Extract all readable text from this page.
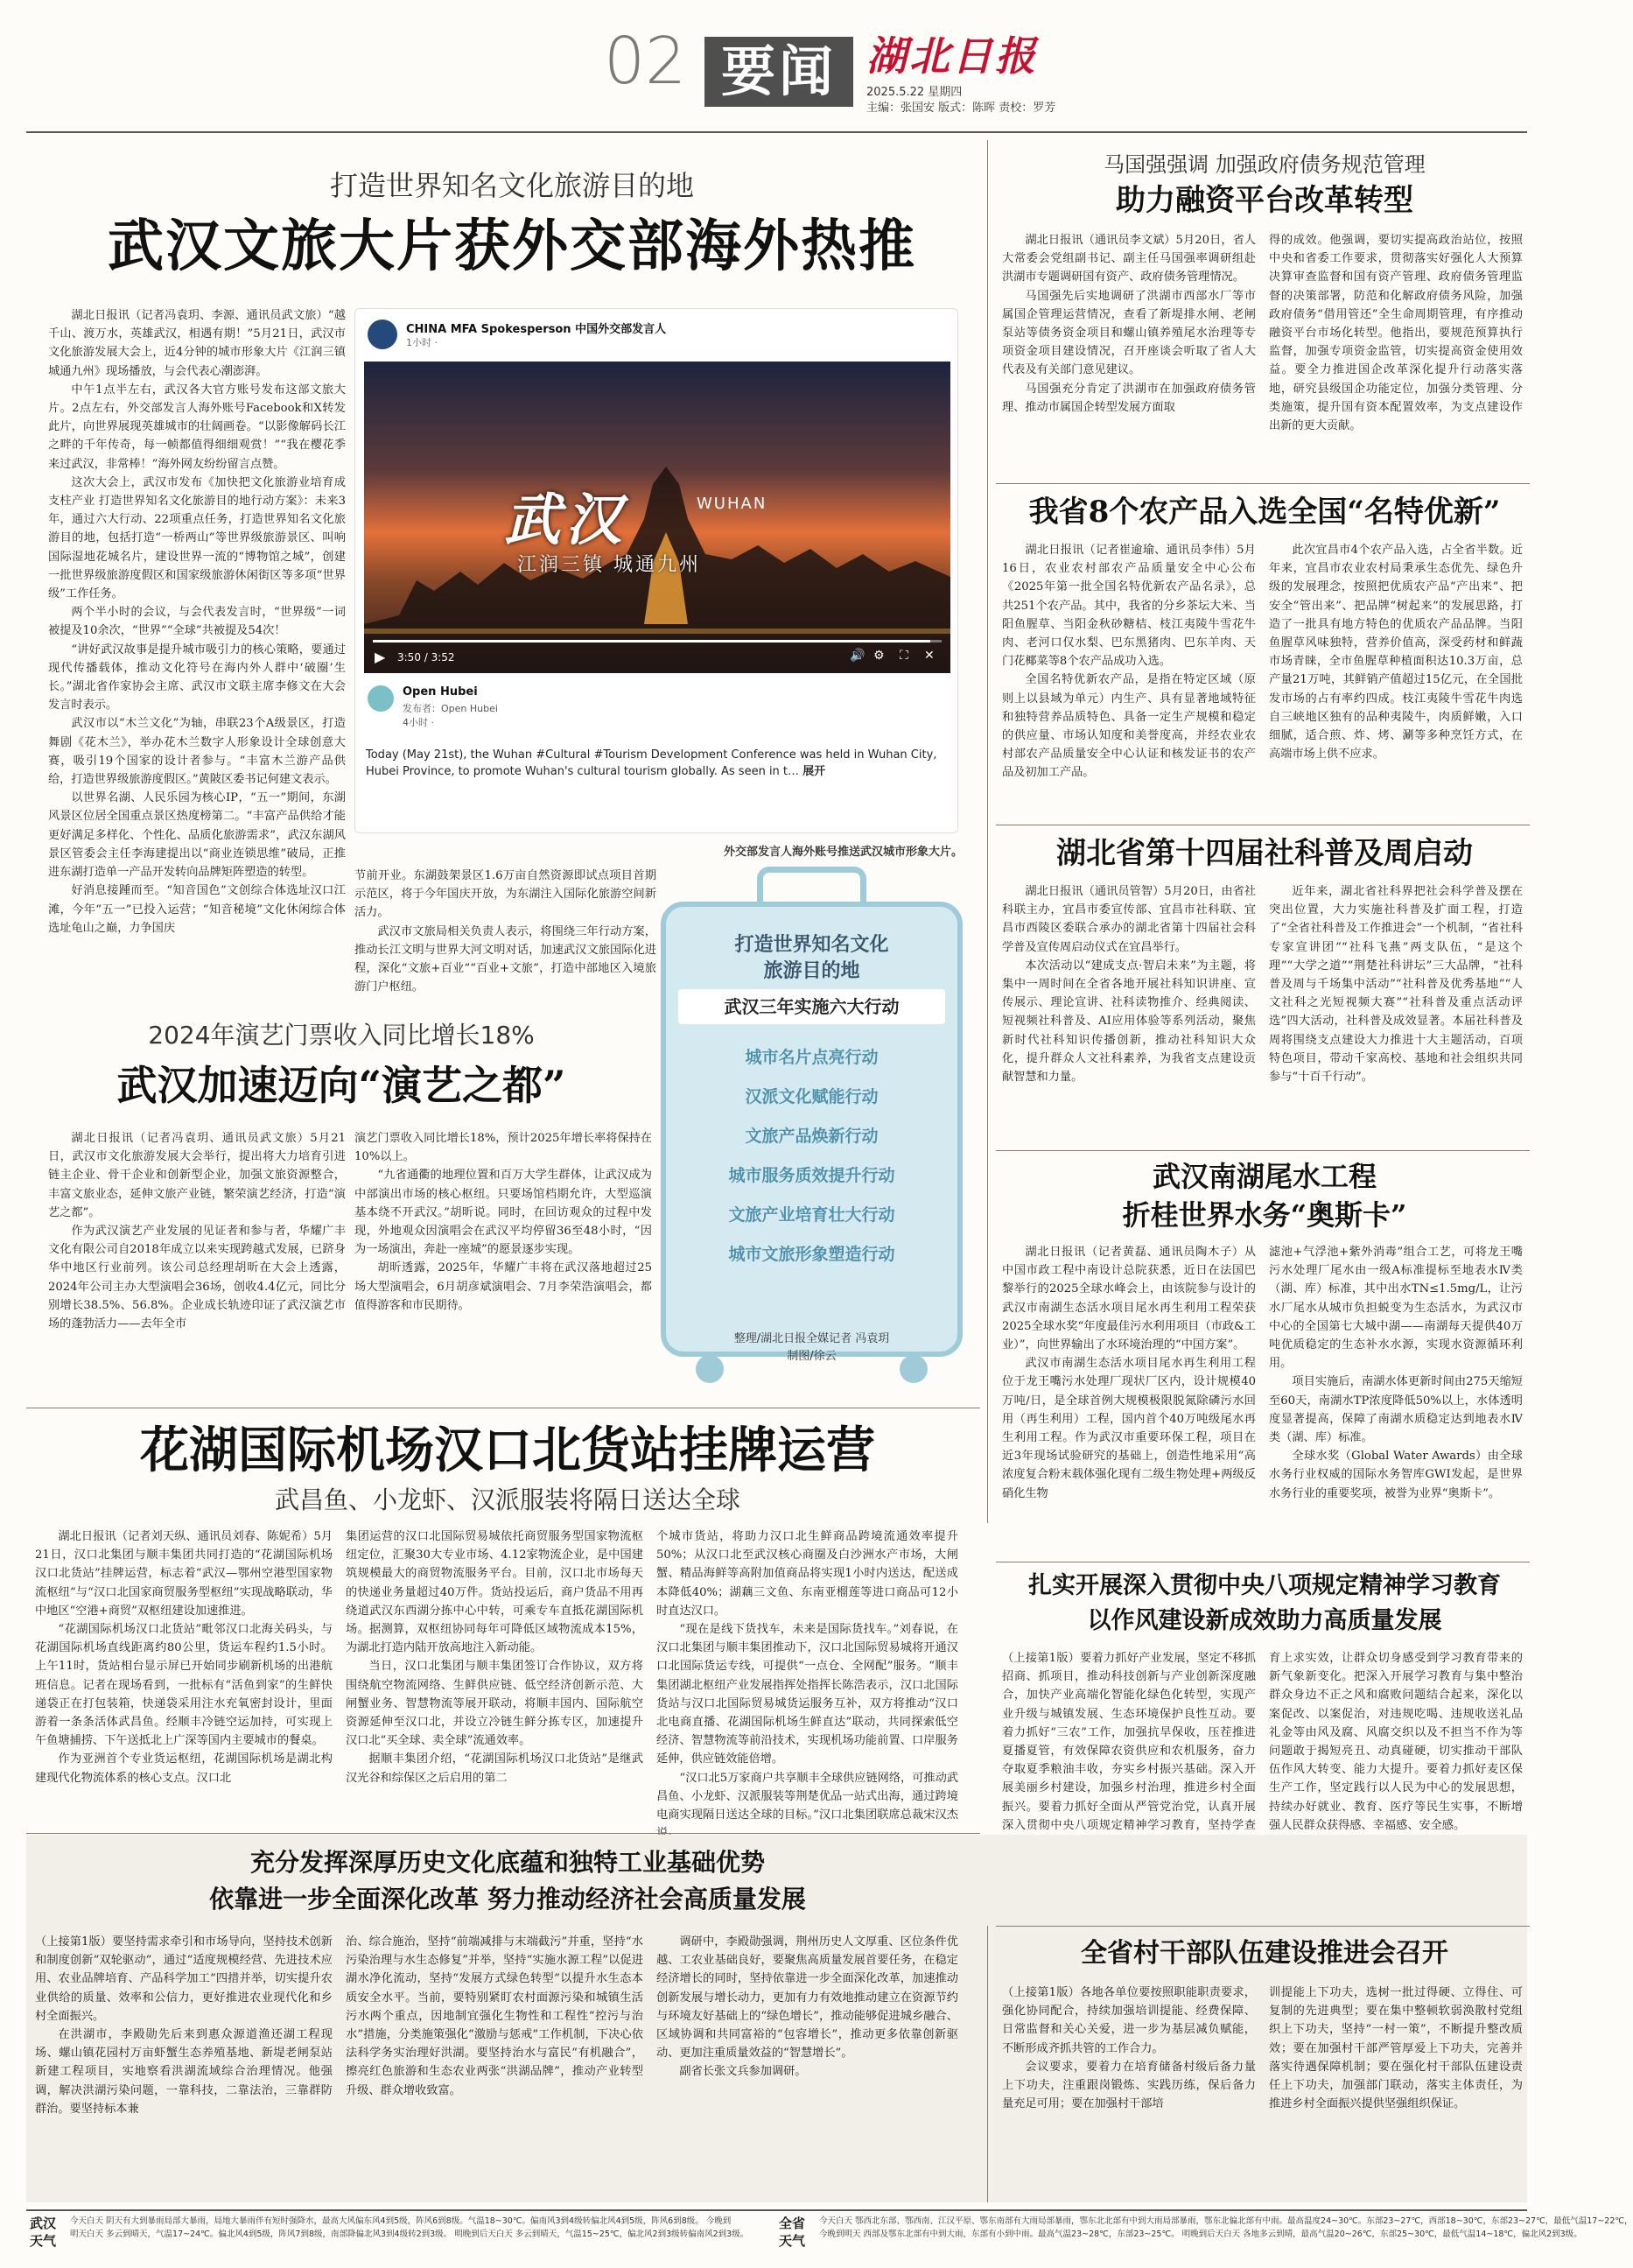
02 要闻 湖北日报
2025.5.22 星期四
主编：张国安 版式：陈晖 责校：罗芳
打造世界知名文化旅游目的地
武汉文旅大片获外交部海外热推

湖北日报讯（记者冯袁玥、李源、通讯员武文旅）“越千山、渡万水，英雄武汉，相遇有期！”5月21日，武汉市文化旅游发展大会上，近4分钟的城市形象大片《江润三镇 城通九州》现场播放，与会代表心潮澎湃。

中午1点半左右，武汉各大官方账号发布这部文旅大片。2点左右，外交部发言人海外账号Facebook和X转发此片，向世界展现英雄城市的壮阔画卷。“以影像解码长江之畔的千年传奇，每一帧都值得细细观赏！”“我在樱花季来过武汉，非常棒！”海外网友纷纷留言点赞。

这次大会上，武汉市发布《加快把文化旅游业培育成支柱产业 打造世界知名文化旅游目的地行动方案》：未来3年，通过六大行动、22项重点任务，打造世界知名文化旅游目的地，包括打造“一桥两山”等世界级旅游景区、叫响国际湿地花城名片，建设世界一流的“博物馆之城”，创建一批世界级旅游度假区和国家级旅游休闲街区等多项“世界级”工作任务。

两个半小时的会议，与会代表发言时，“世界级”一词被提及10余次，“世界”“全球”共被提及54次！

“讲好武汉故事是提升城市吸引力的核心策略，要通过现代传播载体，推动文化符号在海内外人群中‘破圈’生长。”湖北省作家协会主席、武汉市文联主席李修文在大会发言时表示。

武汉市以“木兰文化”为轴，串联23个A级景区，打造舞剧《花木兰》，举办花木兰数字人形象设计全球创意大赛，吸引19个国家的设计者参与。“丰富木兰游产品供给，打造世界级旅游度假区。”黄陂区委书记何建文表示。

以世界名湖、人民乐园为核心IP，“五一”期间，东湖风景区位居全国重点景区热度榜第二。“丰富产品供给才能更好满足多样化、个性化、品质化旅游需求”，武汉东湖风景区管委会主任李海建提出以“商业连锁思维”破局，正推进东湖打造单一产品开发转向品牌矩阵塑造的转型。

好消息接踵而至。“知音国色”文创综合体选址汉口江滩，今年“五一”已投入运营；“知音秘境”文化休闲综合体选址龟山之巅，力争国庆

CHINA MFA Spokesperson 中国外交部发言人
1小时 ·
武汉	WUHAN
江润三镇 城通九州
▶ 3:50 / 3:52	🔊 ⚙ ⛶ ✕
Open Hubei
发布者：Open Hubei
4小时 ·
Today (May 21st), the Wuhan #Cultural #Tourism Development Conference was held in Wuhan City, Hubei Province, to promote Wuhan's cultural tourism globally. As seen in t… 展开
外交部发言人海外账号推送武汉城市形象大片。

节前开业。东湖鼓架景区1.6万亩自然资源即试点项目首期示范区，将于今年国庆开放，为东湖注入国际化旅游空间新活力。

武汉市文旅局相关负责人表示，将围绕三年行动方案，推动长江文明与世界大河文明对话，加速武汉文旅国际化进程，深化“文旅+百业”“百业+文旅”，打造中部地区入境旅游门户枢纽。

打造世界知名文化
旅游目的地
武汉三年实施六大行动
城市名片点亮行动
汉派文化赋能行动
文旅产品焕新行动
城市服务质效提升行动
文旅产业培育壮大行动
城市文旅形象塑造行动
整理/湖北日报全媒记者 冯袁玥
制图/徐云
2024年演艺门票收入同比增长18%
武汉加速迈向“演艺之都”

湖北日报讯（记者冯袁玥、通讯员武文旅）5月21日，武汉市文化旅游发展大会举行，提出将大力培育引进链主企业、骨干企业和创新型企业，加强文旅资源整合，丰富文旅业态，延伸文旅产业链，繁荣演艺经济，打造“演艺之都”。

作为武汉演艺产业发展的见证者和参与者，华耀广丰文化有限公司自2018年成立以来实现跨越式发展，已跻身华中地区行业前列。该公司总经理胡昕在大会上透露，2024年公司主办大型演唱会36场，创收4.4亿元，同比分别增长38.5%、56.8%。企业成长轨迹印证了武汉演艺市场的蓬勃活力——去年全市

演艺门票收入同比增长18%，预计2025年增长率将保持在10%以上。

“九省通衢的地理位置和百万大学生群体，让武汉成为中部演出市场的核心枢纽。只要场馆档期允许，大型巡演基本绕不开武汉。”胡昕说。同时，在回访观众的过程中发现，外地观众因演唱会在武汉平均停留36至48小时，“因为一场演出，奔赴一座城”的愿景逐步实现。

胡昕透露，2025年，华耀广丰将在武汉落地超过25场大型演唱会，6月胡彦斌演唱会、7月李荣浩演唱会，都值得游客和市民期待。

花湖国际机场汉口北货站挂牌运营
武昌鱼、小龙虾、汉派服装将隔日送达全球

湖北日报讯（记者刘天纵、通讯员刘春、陈妮希）5月21日，汉口北集团与顺丰集团共同打造的“花湖国际机场汉口北货站”挂牌运营，标志着“武汉—鄂州空港型国家物流枢纽”与“汉口北国家商贸服务型枢纽”实现战略联动，华中地区“空港+商贸”双枢纽建设加速推进。

“花湖国际机场汉口北货站”毗邻汉口北海关码头，与花湖国际机场直线距离约80公里，货运车程约1.5小时。上午11时，货站相台显示屏已开始同步刷新机场的出港航班信息。记者在现场看到，一批标有“活鱼到家”的生鲜快递袋正在打包装箱，快递袋采用注水充氧密封设计，里面游着一条条活体武昌鱼。经顺丰冷链空运加持，可实现上午鱼塘捕捞、下午送抵北上广深等国内主要城市的餐桌。

作为亚洲首个专业货运枢纽，花湖国际机场是湖北构建现代化物流体系的核心支点。汉口北

集团运营的汉口北国际贸易城依托商贸服务型国家物流枢纽定位，汇聚30大专业市场、4.12家物流企业，是中国建筑规模最大的商贸物流服务平台。目前，汉口北市场每天的快递业务量超过40万件。货站投运后，商户货品不用再绕道武汉东西湖分拣中心中转，可乘专车直抵花湖国际机场。据测算，双枢纽协同每年可降低区域物流成本15%，为湖北打造内陆开放高地注入新动能。

当日，汉口北集团与顺丰集团签订合作协议，双方将围绕航空物流网络、生鲜供应链、低空经济创新示范、大闸蟹业务、智慧物流等展开联动，将顺丰国内、国际航空资源延伸至汉口北，并设立冷链生鲜分拣专区，加速提升汉口北“买全球、卖全球”流通效率。

据顺丰集团介绍，“花湖国际机场汉口北货站”是继武汉光谷和综保区之后启用的第二

个城市货站，将助力汉口北生鲜商品跨境流通效率提升50%；从汉口北至武汉核心商圈及白沙洲水产市场，大闸蟹、精品海鲜等高附加值商品将实现1小时内送达，配送成本降低40%；湖藕三文鱼、东南亚榴莲等进口商品可12小时直达汉口。

“现在是线下货找车，未来是国际货找车。”刘春说，在汉口北集团与顺丰集团推动下，汉口北国际贸易城将开通汉口北国际货运专线，可提供“一点仓、全网配”服务。“顺丰集团湖北枢纽产业发展指挥处指挥长陈浩表示，汉口北国际货站与汉口北国际贸易城货运服务互补，双方将推动“汉口北电商直播、花湖国际机场生鲜直达”联动，共同探索低空经济、智慧物流等前沿技术，实现机场功能前置、口岸服务延伸，供应链效能倍增。

“汉口北5万家商户共享顺丰全球供应链网络，可推动武昌鱼、小龙虾、汉派服装等荆楚优品一站式出海，通过跨境电商实现隔日送达全球的目标。”汉口北集团联席总裁宋汉杰

马国强强调 加强政府债务规范管理
助力融资平台改革转型

湖北日报讯（通讯员李文斌）5月20日，省人大常委会党组副书记、副主任马国强率调研组赴洪湖市专题调研国有资产、政府债务管理情况。

马国强先后实地调研了洪湖市西部水厂等市属国企管理运营情况，查看了新堤排水闸、老闸泵站等债务资金项目和螺山镇养殖尾水治理等专项资金项目建设情况，召开座谈会听取了省人大代表及有关部门意见建议。

马国强充分肯定了洪湖市在加强政府债务管理、推动市属国企转型发展方面取

得的成效。他强调，要切实提高政治站位，按照中央和省委工作要求，贯彻落实好强化人大预算决算审查监督和国有资产管理、政府债务管理监督的决策部署，防范和化解政府债务风险，加强政府债务“借用管还”全生命周期管理，有序推动融资平台市场化转型。他指出，要规范预算执行监督，加强专项资金监管，切实提高资金使用效益。要全力推进国企改革深化提升行动落实落地，研究县级国企功能定位，加强分类管理、分类施策，提升国有资本配置效率，为支点建设作出新的更大贡献。

我省8个农产品入选全国“名特优新”

湖北日报讯（记者崔逾瑜、通讯员李伟）5月16日，农业农村部农产品质量安全中心公布《2025年第一批全国名特优新农产品名录》，总共251个农产品。其中，我省的分乡茶坛大米、当阳鱼腥草、当阳金秋砂糖桔、枝江夷陵牛雪花牛肉、老河口仅水梨、巴东黑猪肉、巴东羊肉、天门花椰菜等8个农产品成功入选。

全国名特优新农产品，是指在特定区域（原则上以县域为单元）内生产、具有显著地域特征和独特营养品质特色、具备一定生产规模和稳定的供应量、市场认知度和美誉度高，并经农业农村部农产品质量安全中心认证和核发证书的农产品及初加工产品。

此次宜昌市4个农产品入选，占全省半数。近年来，宜昌市农业农村局秉承生态优先、绿色升级的发展理念，按照把优质农产品“产出来”、把安全“管出来”、把品牌“树起来”的发展思路，打造了一批具有地方特色的优质农产品品牌。当阳鱼腥草风味独特，营养价值高，深受药材和鲜蔬市场青睐，全市鱼腥草种植面积达10.3万亩，总产量21万吨，其鲜销产值超过15亿元，在全国批发市场的占有率约四成。枝江夷陵牛雪花牛肉选自三峡地区独有的品种夷陵牛，肉质鲜嫩，入口细腻，适合煎、炸、烤、涮等多种烹饪方式，在高端市场上供不应求。

湖北省第十四届社科普及周启动

湖北日报讯（通讯员管智）5月20日，由省社科联主办，宜昌市委宣传部、宜昌市社科联、宜昌市西陵区委联合承办的湖北省第十四届社会科学普及宣传周启动仪式在宜昌举行。

本次活动以“建成支点·智启未来”为主题，将集中一周时间在全省各地开展社科知识讲座、宣传展示、理论宣讲、社科读物推介、经典阅读、短视频社科普及、AI应用体验等系列活动，聚焦新时代社科知识传播创新，推动社科知识大众化，提升群众人文社科素养，为我省支点建设贡献智慧和力量。

近年来，湖北省社科界把社会科学普及摆在突出位置，大力实施社科普及扩面工程，打造了“全省社科普及工作推进会”一个机制，“省社科专家宣讲团”“社科飞燕”两支队伍，“是这个理”“大学之道”“荆楚社科讲坛”三大品牌，“社科普及周与千场集中活动”“社科普及优秀基地”“人文社科之光短视频大赛”“社科普及重点活动评选”四大活动，社科普及成效显著。本届社科普及周将围绕支点建设大力推进十大主题活动，百项特色项目，带动千家高校、基地和社会组织共同参与“十百千行动”。

武汉南湖尾水工程
折桂世界水务“奥斯卡”

湖北日报讯（记者黄磊、通讯员陶木子）从中国市政工程中南设计总院获悉，近日在法国巴黎举行的2025全球水峰会上，由该院参与设计的武汉市南湖生态活水项目尾水再生利用工程荣获2025全球水奖“年度最佳污水利用项目（市政&工业）”，向世界输出了水环境治理的“中国方案”。

武汉市南湖生态活水项目尾水再生利用工程位于龙王嘴污水处理厂现状厂区内，设计规模40万吨/日，是全球首例大规模极限脱氮除磷污水回用（再生利用）工程，国内首个40万吨级尾水再生利用工程。作为武汉市重要环保工程，项目在近3年现场试验研究的基础上，创造性地采用“高浓度复合粉末载体强化现有二级生物处理+两级反硝化生物

滤池+气浮池+紫外消毒”组合工艺，可将龙王嘴污水处理厂尾水由一级A标准提标至地表水Ⅳ类（湖、库）标准，其中出水TN≤1.5mg/L，让污水厂尾水从城市负担蜕变为生态活水，为武汉市中心的全国第七大城中湖——南湖每天提供40万吨优质稳定的生态补水水源，实现水资源循环利用。

项目实施后，南湖水体更新时间由275天缩短至60天，南湖水TP浓度降低50%以上，水体透明度显著提高，保障了南湖水质稳定达到地表水Ⅳ类（湖、库）标准。

全球水奖（Global Water Awards）由全球水务行业权威的国际水务智库GWI发起，是世界水务行业的重要奖项，被誉为业界“奥斯卡”。

扎实开展深入贯彻中央八项规定精神学习教育
以作风建设新成效助力高质量发展

（上接第1版）要着力抓好产业发展，坚定不移抓招商、抓项目，推动科技创新与产业创新深度融合，加快产业高端化智能化绿色化转型，实现产业升级与城镇发展、生态环境保护良性互动。要着力抓好“三农”工作，加强抗旱保收，压茬推进夏播夏管，有效保障农资供应和农机服务，奋力夺取夏季粮油丰收，夯实乡村振兴基础。深入开展美丽乡村建设，加强乡村治理，推进乡村全面振兴。要着力抓好全面从严管党治党，认真开展深入贯彻中央八项规定精神学习教育，坚持学查

育上求实效，让群众切身感受到学习教育带来的新气象新变化。把深入开展学习教育与集中整治群众身边不正之风和腐败问题结合起来，深化以案促改、以案促治，对违规吃喝、违规收送礼品礼金等由风及腐、风腐交织以及不担当不作为等问题敢于揭短亮丑、动真碰硬，切实推动干部队伍作风大转变、能力大提升。要着力抓好麦区保生产工作，坚定践行以人民为中心的发展思想，持续办好就业、教育、医疗等民生实事，不断增强人民群众获得感、幸福感、安全感。

充分发挥深厚历史文化底蕴和独特工业基础优势
依靠进一步全面深化改革 努力推动经济社会高质量发展

（上接第1版）要坚持需求牵引和市场导向，坚持技术创新和制度创新“双轮驱动”，通过“适度规模经营、先进技术应用、农业品牌培育、产品科学加工”四措并举，切实提升农业供给的质量、效率和公信力，更好推进农业现代化和乡村全面振兴。

在洪湖市，李殿勋先后来到惠众源道渔还湖工程现场、螺山镇花园村万亩虾蟹生态养殖基地、新堤老闸泵站新建工程项目，实地察看洪湖流域综合治理情况。他强调，解决洪湖污染问题，一靠科技，二靠法治，三靠群防群治。要坚持标本兼

治、综合施治，坚持“前端减排与末端截污”并重，坚持“水污染治理与水生态修复”并举，坚持“实施水源工程”以促进湖水净化流动，坚持“发展方式绿色转型”以提升水生态本质安全水平。当前，要特别紧盯农村面源污染和城镇生活污水两个重点，因地制宜强化生物性和工程性“控污与治水”措施，分类施策强化“激励与惩戒”工作机制，下决心依法科学务实治理好洪湖。要坚持治水与富民“有机融合”，擦亮红色旅游和生态农业两张“洪湖品牌”，推动产业转型升级、群众增收致富。

调研中，李殿勋强调，荆州历史人文厚重、区位条件优越、工农业基础良好，要聚焦高质量发展首要任务，在稳定经济增长的同时，坚持依靠进一步全面深化改革，加速推动创新发展与增长动力，更加有力有效地推动建立在资源节约与环境友好基础上的“绿色增长”，推动能够促进城乡融合、区域协调和共同富裕的“包容增长”，推动更多依靠创新驱动、更加注重质量效益的“智慧增长”。

副省长张文兵参加调研。

全省村干部队伍建设推进会召开

（上接第1版）各地各单位要按照职能职责要求，强化协同配合，持续加强培训提能、经费保障、日常监督和关心关爱，进一步为基层减负赋能，不断形成齐抓共管的工作合力。

会议要求，要着力在培育储备村级后备力量上下功夫，注重跟岗锻炼、实践历练，保后备力量充足可用；要在加强村干部培

训提能上下功夫，选树一批过得硬、立得住、可复制的先进典型；要在集中整顿软弱涣散村党组织上下功夫，坚持“一村一策”，不断提升整改质效；要在加强村干部严管厚爱上下功夫，完善并落实待遇保障机制；要在强化村干部队伍建设责任上下功夫，加强部门联动，落实主体责任，为推进乡村全面振兴提供坚强组织保证。

武汉
天气
今天白天 阴天有大到暴雨局部大暴雨，局地大暴雨伴有短时强降水，最高大风偏东风4到5级，阵风6到8级。气温18~30℃。偏南风3到4级转偏北风4到5级，阵风6到8级。 今晚到
明天白天 多云到晴天，气温17~24℃。偏北风4到5级，阵风7到8级，南部降偏北风3到4级转2到3级。 明晚到后天白天 多云到晴天，气温15~25℃，偏北风2到3级转偏南风2到3级。
全省
天气
今天白天 鄂西北东部、鄂西南、江汉平原、鄂东南部有大雨局部暴雨，鄂东北北部有中到大雨局部暴雨，鄂东北偏北部有中雨。最高温度24~30℃。东部23~27℃，西部18~30℃，东部23~27℃，最低气温17~22℃，
今晚到明天 西部及鄂东北部有中到大雨，东部有小到中雨。最高气温23~28℃，东部23~25℃。 明晚到后天白天 各地多云到晴，最高气温20~26℃，东部25~30℃，最低气温14~18℃，偏北风2到3级。
